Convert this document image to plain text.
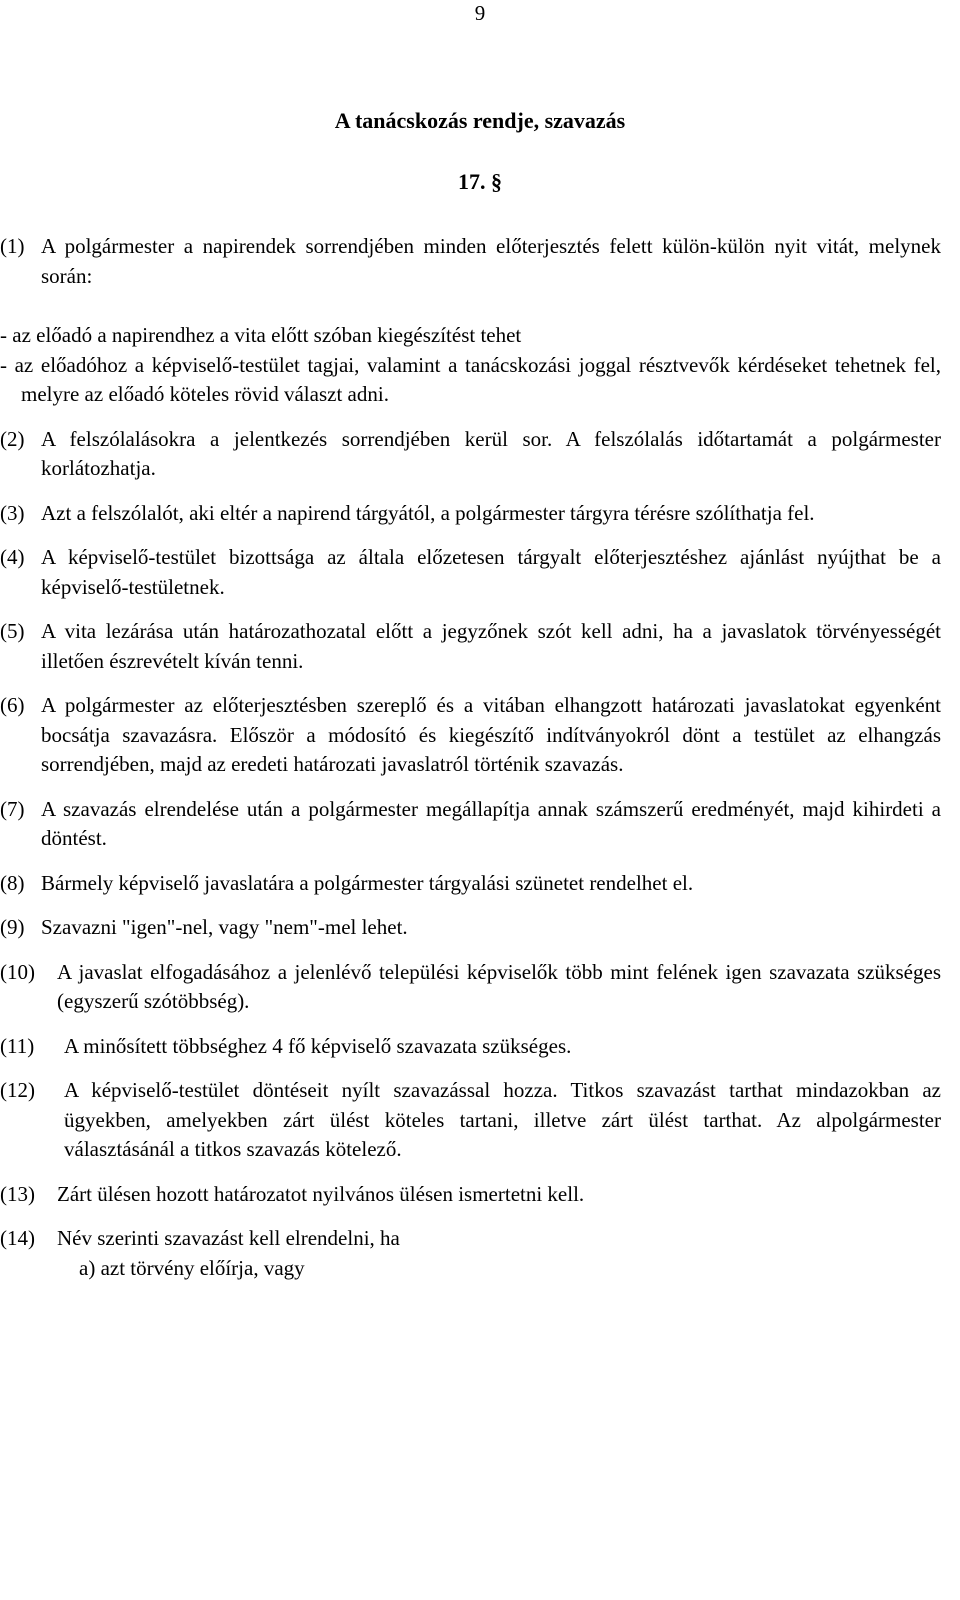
9
A tanácskozás rendje, szavazás
17. §
(1) A polgármester a napirendek sorrendjében minden előterjesztés felett külön-külön nyit vitát, melynek során:
- az előadó a napirendhez a vita előtt szóban kiegészítést tehet
- az előadóhoz a képviselő-testület tagjai, valamint a tanácskozási joggal résztvevők kérdéseket tehetnek fel, melyre az előadó köteles rövid választ adni.
(2) A felszólalásokra a jelentkezés sorrendjében kerül sor. A felszólalás időtartamát a polgármester korlátozhatja.
(3) Azt a felszólalót, aki eltér a napirend tárgyától, a polgármester tárgyra térésre szólíthatja fel.
(4) A képviselő-testület bizottsága az általa előzetesen tárgyalt előterjesztéshez ajánlást nyújthat be a képviselő-testületnek.
(5) A vita lezárása után határozathozatal előtt a jegyzőnek szót kell adni, ha a javaslatok törvényességét illetően észrevételt kíván tenni.
(6) A polgármester az előterjesztésben szereplő és a vitában elhangzott határozati javaslatokat egyenként bocsátja szavazásra. Először a módosító és kiegészítő indítványokról dönt a testület az elhangzás sorrendjében, majd az eredeti határozati javaslatról történik szavazás.
(7) A szavazás elrendelése után a polgármester megállapítja annak számszerű eredményét, majd kihirdeti a döntést.
(8) Bármely képviselő javaslatára a polgármester tárgyalási szünetet rendelhet el.
(9) Szavazni "igen"-nel, vagy "nem"-mel lehet.
(10) A javaslat elfogadásához a jelenlévő települési képviselők több mint felének igen szavazata szükséges (egyszerű szótöbbség).
(11) A minősített többséghez 4 fő képviselő szavazata szükséges.
(12) A képviselő-testület döntéseit nyílt szavazással hozza. Titkos szavazást tarthat mindazokban az ügyekben, amelyekben zárt ülést köteles tartani, illetve zárt ülést tarthat. Az alpolgármester választásánál a titkos szavazás kötelező.
(13) Zárt ülésen hozott határozatot nyilvános ülésen ismertetni kell.
(14) Név szerinti szavazást kell elrendelni, ha
a) azt törvény előírja, vagy
